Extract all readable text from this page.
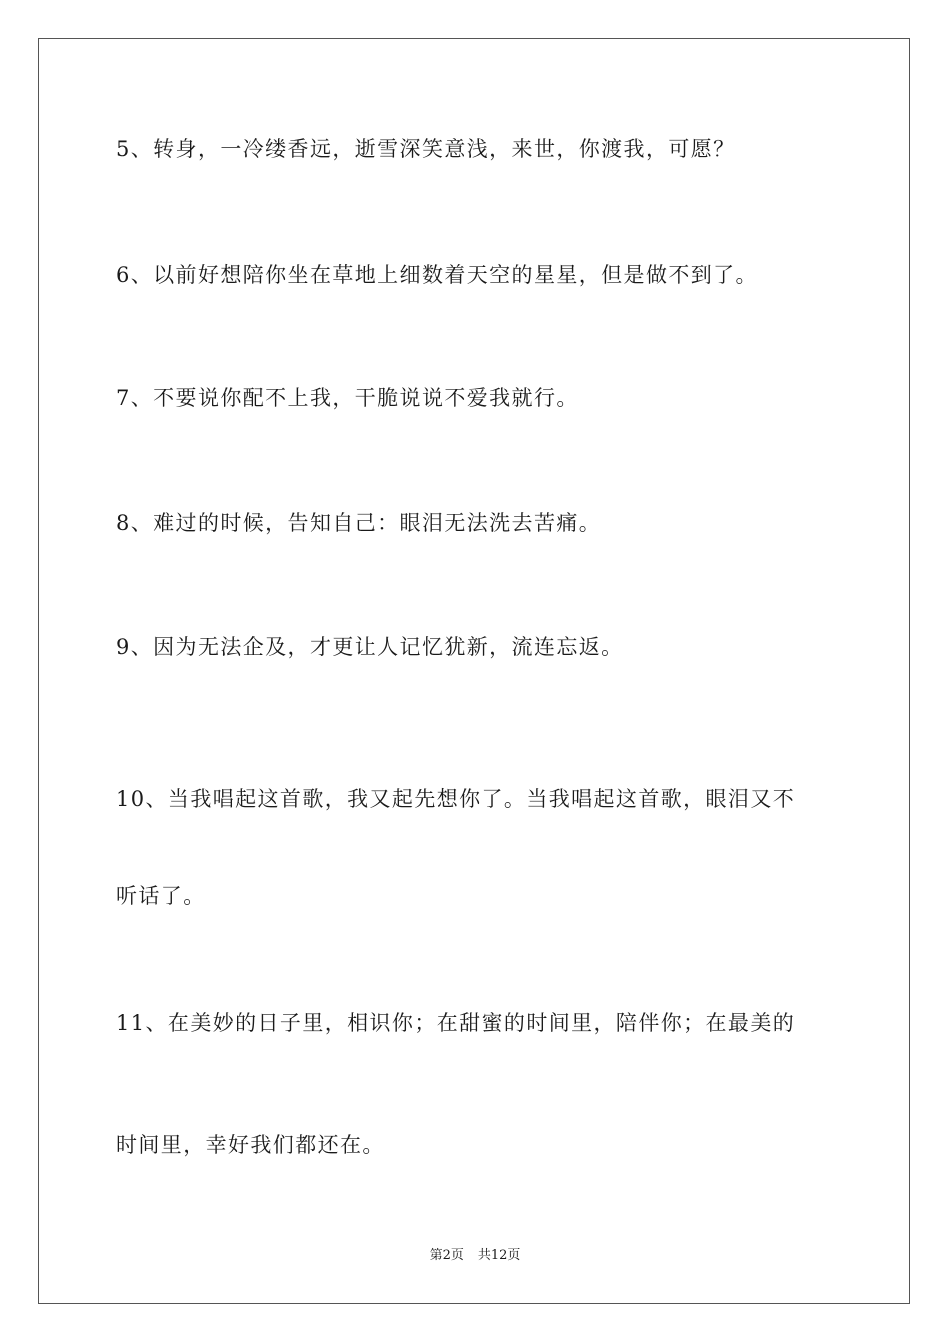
5、转身，一冷缕香远，逝雪深笑意浅，来世，你渡我，可愿？
6、以前好想陪你坐在草地上细数着天空的星星，但是做不到了。
7、不要说你配不上我，干脆说说不爱我就行。
8、难过的时候，告知自己：眼泪无法洗去苦痛。
9、因为无法企及，才更让人记忆犹新，流连忘返。
10、当我唱起这首歌，我又起先想你了。当我唱起这首歌，眼泪又不
听话了。
11、在美妙的日子里，相识你；在甜蜜的时间里，陪伴你；在最美的
时间里，幸好我们都还在。
第2页 共12页
